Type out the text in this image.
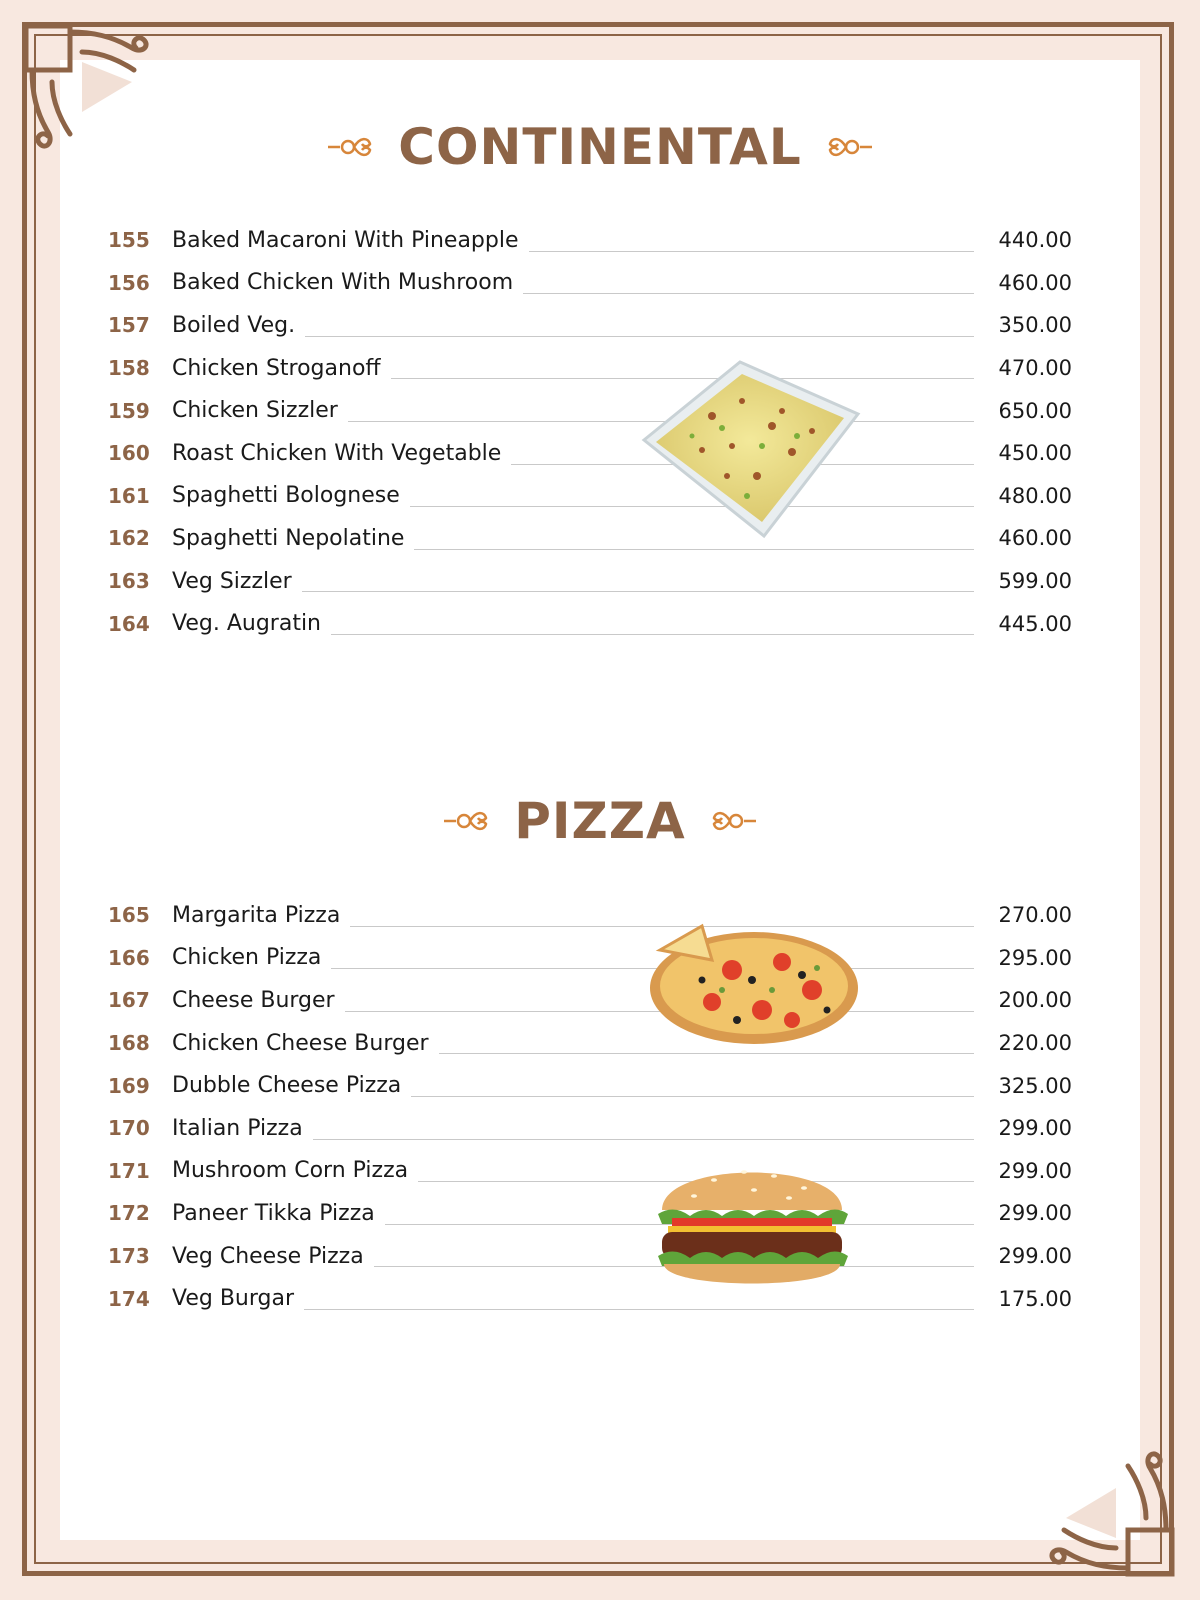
CONTINENTAL
155 Baked Macaroni With Pineapple	440.00
156 Baked Chicken With Mushroom	460.00
157 Boiled Veg.	350.00
158 Chicken Stroganoff	470.00
159 Chicken Sizzler	650.00
160 Roast Chicken With Vegetable	450.00
161 Spaghetti Bolognese	480.00
162 Spaghetti Nepolatine	460.00
163 Veg Sizzler	599.00
164 Veg. Augratin	445.00
PIZZA
165 Margarita Pizza	270.00
166 Chicken Pizza	295.00
167 Cheese Burger	200.00
168 Chicken Cheese Burger	220.00
169 Dubble Cheese Pizza	325.00
170 Italian Pizza	299.00
171 Mushroom Corn Pizza	299.00
172 Paneer Tikka Pizza	299.00
173 Veg Cheese Pizza	299.00
174 Veg Burgar	175.00
